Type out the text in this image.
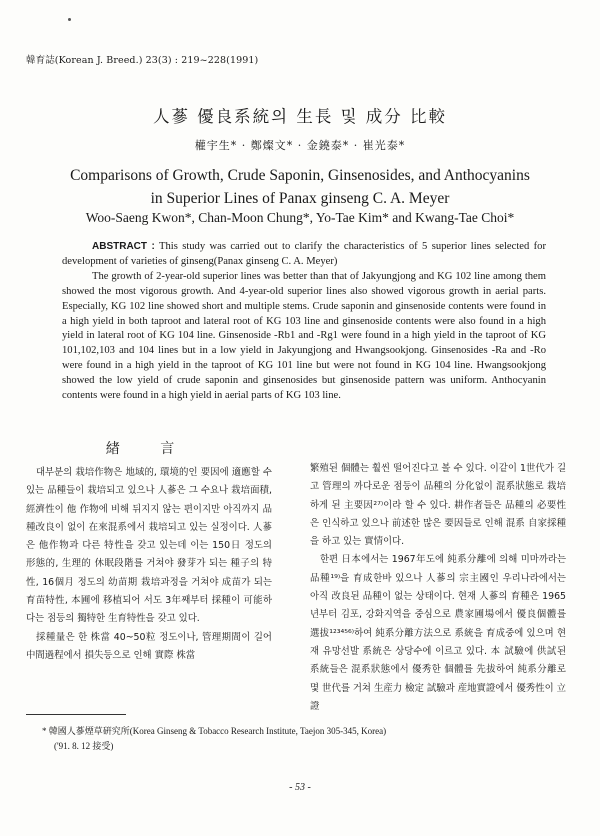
韓育誌(Korean J. Breed.) 23(3) : 219~228(1991)
人蔘 優良系統의 生長 및 成分 比較
權宇生* · 鄭燦文* · 金鐃泰* · 崔光泰*
Comparisons of Growth, Crude Saponin, Ginsenosides, and Anthocyanins
in Superior Lines of Panax ginseng C. A. Meyer
Woo-Saeng Kwon*, Chan-Moon Chung*, Yo-Tae Kim* and Kwang-Tae Choi*

ABSTRACT : This study was carried out to clarify the characteristics of 5 superior lines selected for development of varieties of ginseng(Panax ginseng C. A. Meyer)

The growth of 2-year-old superior lines was better than that of Jakyungjong and KG 102 line among them showed the most vigorous growth. And 4-year-old superior lines also showed vigorous growth in aerial parts. Especially, KG 102 line showed short and multiple stems. Crude saponin and ginsenoside contents were found in a high yield in both taproot and lateral root of KG 103 line and ginsenoside contents were also found in a high yield in lateral root of KG 104 line. Ginsenoside -Rb1 and -Rg1 were found in a high yield in the taproot of KG 101,102,103 and 104 lines but in a low yield in Jakyungjong and Hwangsookjong. Ginsenosides -Ra and -Ro were found in a high yield in the taproot of KG 101 line but were not found in KG 104 line. Hwangsookjong showed the low yield of crude saponin and ginsenosides but ginsenoside pattern was uniform. Anthocyanin contents were found in a high yield in aerial parts of KG 103 line.

緖 言

대부분의 栽培作物은 地域的, 環境的인 要因에 適應할 수 있는 品種들이 栽培되고 있으나 人蔘은 그 수요나 栽培面積, 經濟性이 他 作物에 비해 뒤지지 않는 편이지만 아직까지 品種改良이 없이 在來混系에서 栽培되고 있는 실정이다. 人蔘은 他作物과 다른 特性을 갖고 있는데 이는 150日 정도의 形態的, 生理的 休眠段階를 거쳐야 發芽가 되는 種子의 特性, 16個月 정도의 幼苗期 栽培과정을 거쳐야 成苗가 되는 育苗特性, 本圃에 移植되어 서도 3年째부터 採種이 可能하다는 점등의 獨特한 生育特性을 갖고 있다.

採種量은 한 株當 40~50粒 정도이나, 管理期間이 길어 中間過程에서 損失등으로 인해 實際 株當

繁殖된 個體는 훨씬 떨어진다고 볼 수 있다. 이같이 1世代가 길고 管理의 까다로운 점등이 品種의 分化없이 混系狀態로 栽培하게 된 主要因²⁷⁾이라 할 수 있다. 耕作者들은 品種의 必要性은 인식하고 있으나 前述한 많은 要因들로 인해 混系 自家採種을 하고 있는 實情이다.

한편 日本에서는 1967年도에 純系分離에 의해 미마까라는 品種¹⁹⁾을 育成한바 있으나 人蔘의 宗主國인 우리나라에서는 아직 改良된 品種이 없는 상태이다. 현재 人蔘의 育種은 1965년부터 김포, 강화지역을 중심으로 農家圃場에서 優良個體를 選拔¹²³⁴⁵⁶⁾하여 純系分離方法으로 系統을 育成중에 있으며 현재 유망선발 系統은 상당수에 이르고 있다. 本 試驗에 供試된 系統들은 混系狀態에서 優秀한 個體를 先拔하여 純系分離로 몇 世代를 거쳐 生産力 檢定 試驗과 産地實證에서 優秀性이 立證

* 韓國人蔘煙草硏究所(Korea Ginseng & Tobacco Research Institute, Taejon 305-345, Korea)
('91. 8. 12 接受)
- 53 -
